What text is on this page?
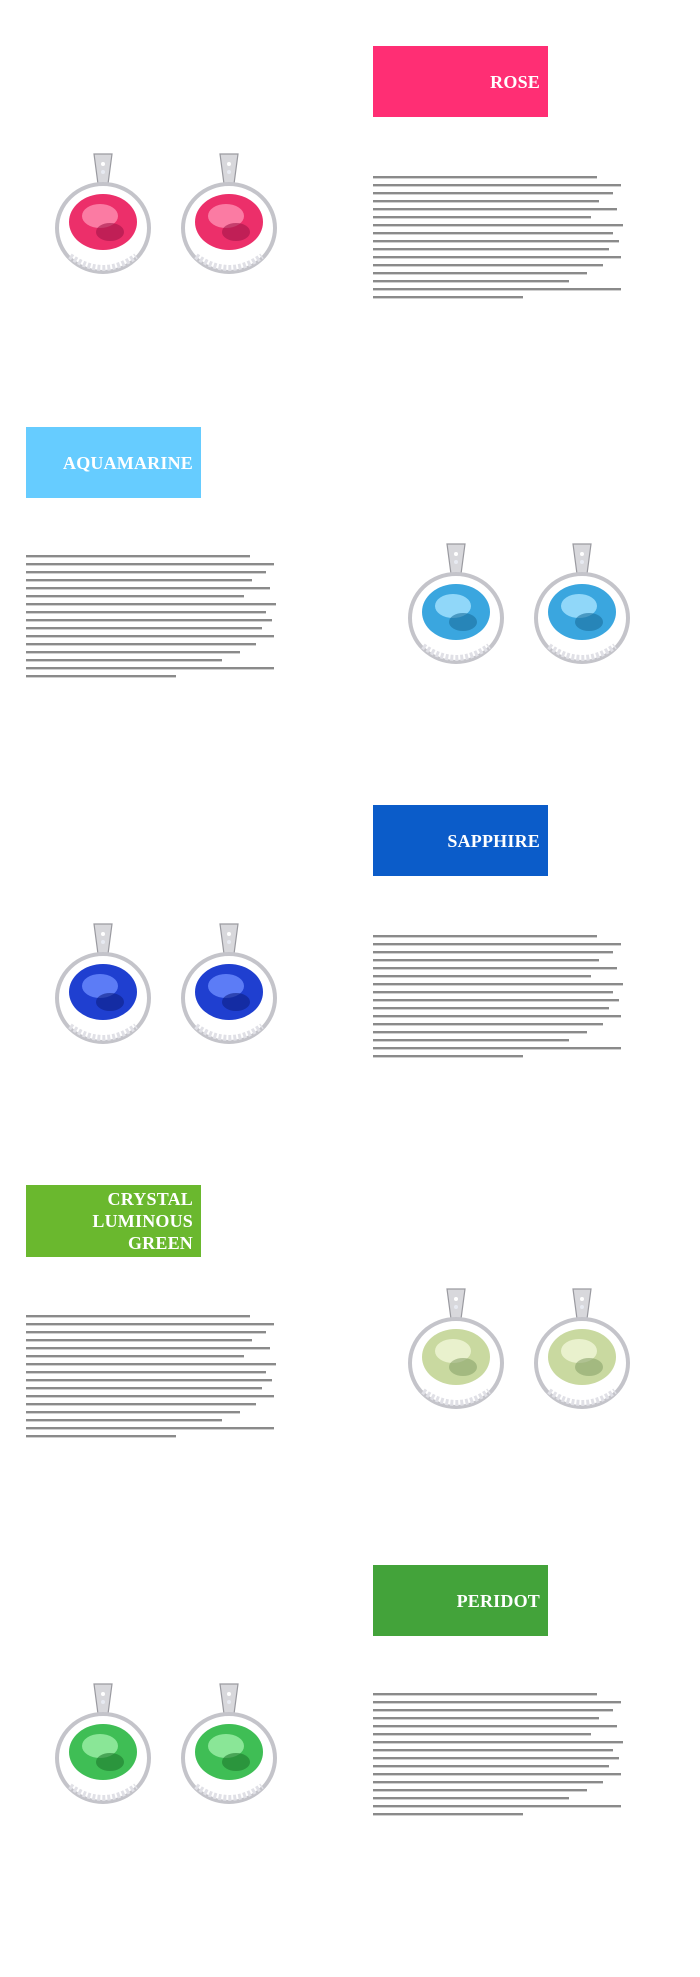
ROSE
AQUAMARINE
SAPPHIRE
CRYSTAL LUMINOUS GREEN
PERIDOT
